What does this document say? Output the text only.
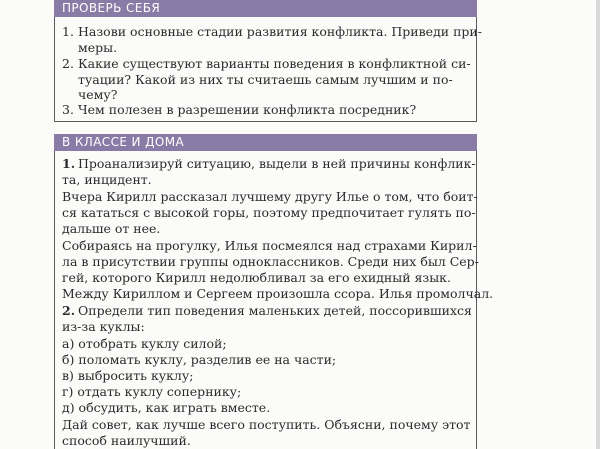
ПРОВЕРЬ СЕБЯ
1. Назови основные стадии развития конфликта. Приведи при-
меры.
2. Какие существуют варианты поведения в конфликтной си-
туации? Какой из них ты считаешь самым лучшим и по-
чему?
3. Чем полезен в разрешении конфликта посредник?
В КЛАССЕ И ДОМА
1. Проанализируй ситуацию, выдели в ней причины конфлик-
та, инцидент.
Вчера Кирилл рассказал лучшему другу Илье о том, что боит-
ся кататься с высокой горы, поэтому предпочитает гулять по-
дальше от нее.
Собираясь на прогулку, Илья посмеялся над страхами Кирил-
ла в присутствии группы одноклассников. Среди них был Сер-
гей, которого Кирилл недолюбливал за его exидный язык.
Между Кириллом и Сергеем произошла ссора. Илья промолчал.
2. Определи тип поведения маленьких детей, поссорившихся
из-за куклы:
а) отобрать куклу силой;
б) поломать куклу, разделив ее на части;
в) выбросить куклу;
г) отдать куклу сопернику;
д) обсудить, как играть вместе.
Дай совет, как лучше всего поступить. Объясни, почему этот
способ наилучший.
